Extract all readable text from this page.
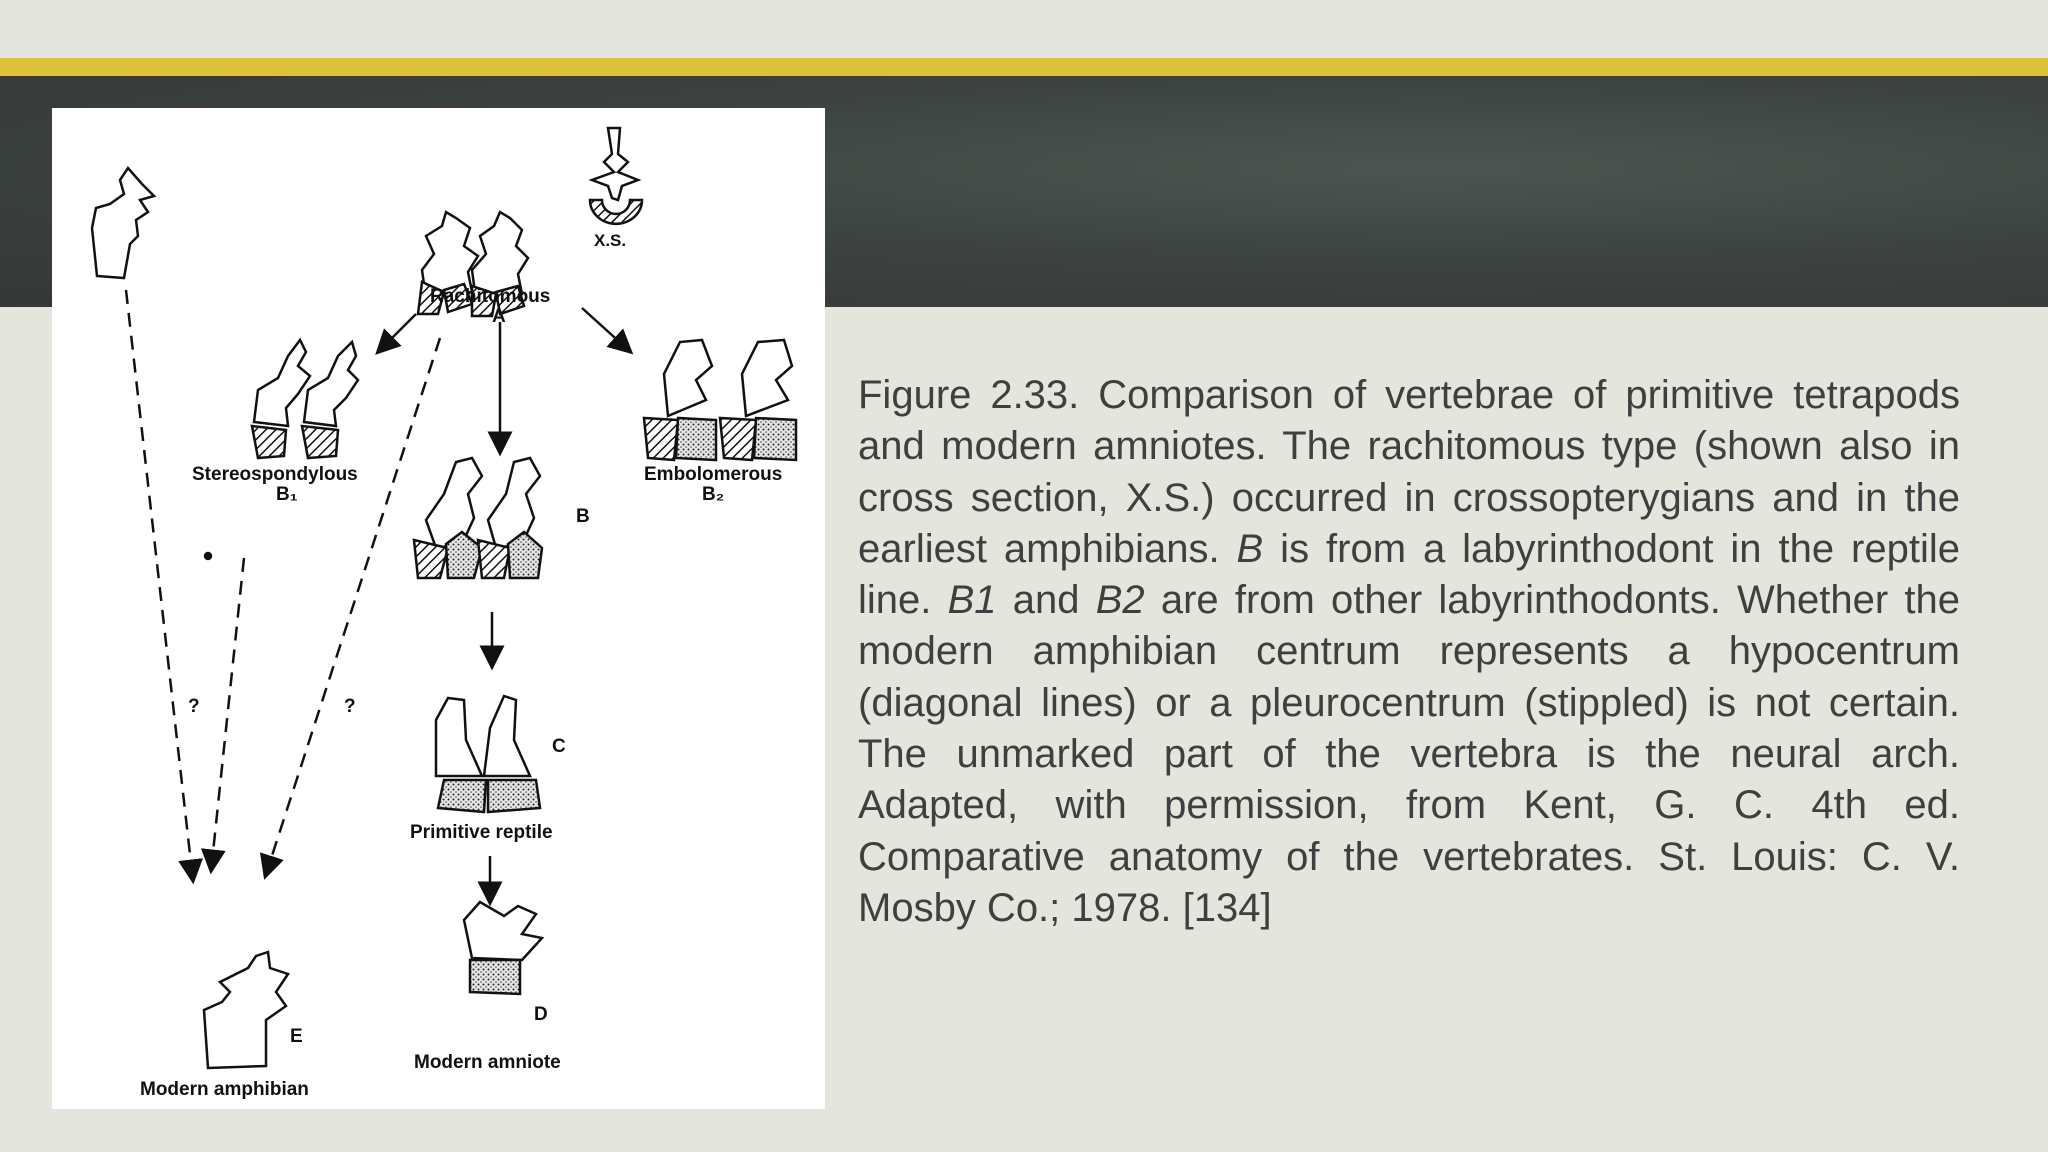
Rachitomous
A
X.S.
Stereospondylous
B₁
Embolomerous
B₂
B
C
Primitive reptile
D
Modern amniote
E
Modern amphibian
?	?

Figure 2.33. Comparison of vertebrae of primitive tetrapods and modern amniotes. The rachitomous type (shown also in cross section, X.S.) occurred in crossopterygians and in the earliest amphibians. B is from a labyrinthodont in the reptile line. B1 and B2 are from other labyrinthodonts. Whether the modern amphibian centrum represents a hypocentrum (diagonal lines) or a pleurocentrum (stippled) is not certain. The unmarked part of the vertebra is the neural arch. Adapted, with permission, from Kent, G. C. 4th ed. Comparative anatomy of the vertebrates. St. Louis: C. V. Mosby Co.; 1978. [134]
